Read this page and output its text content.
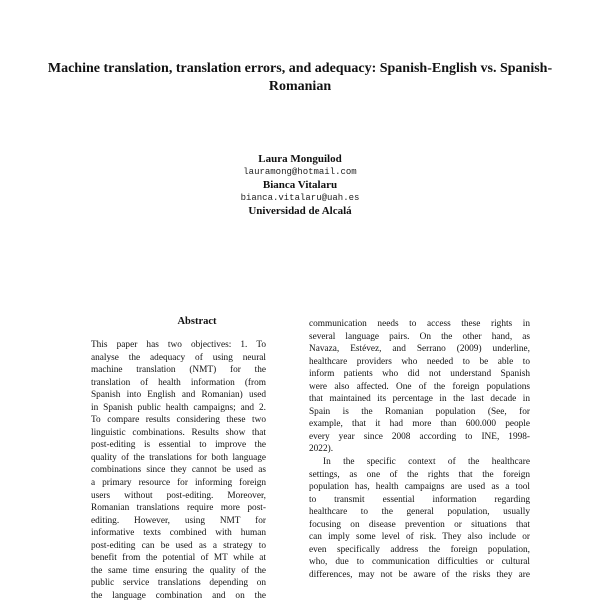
Machine translation, translation errors, and adequacy: Spanish-English vs. Spanish-
Romanian
Laura Monguilod
lauramong@hotmail.com
Bianca Vitalaru
bianca.vitalaru@uah.es
Universidad de Alcalá
Abstract
This paper has two objectives: 1. To
analyse the adequacy of using neural
machine translation (NMT) for the
translation of health information (from
Spanish into English and Romanian) used
in Spanish public health campaigns; and 2.
To compare results considering these two
linguistic combinations. Results show that
post-editing is essential to improve the
quality of the translations for both language
combinations since they cannot be used as
a primary resource for informing foreign
users without post-editing. Moreover,
Romanian translations require more post-
editing. However, using NMT for
informative texts combined with human
post-editing can be used as a strategy to
benefit from the potential of MT while at
the same time ensuring the quality of the
public service translations depending on
the language combination and on the
communication needs to access these rights in
several language pairs. On the other hand, as
Navaza, Estévez, and Serrano (2009) underline,
healthcare providers who needed to be able to
inform patients who did not understand Spanish
were also affected. One of the foreign populations
that maintained its percentage in the last decade in
Spain is the Romanian population (See, for
example, that it had more than 600.000 people
every year since 2008 according to INE, 1998-
2022).
In the specific context of the healthcare
settings, as one of the rights that the foreign
population has, health campaigns are used as a tool
to transmit essential information regarding
healthcare to the general population, usually
focusing on disease prevention or situations that
can imply some level of risk. They also include or
even specifically address the foreign population,
who, due to communication difficulties or cultural
differences, may not be aware of the risks they are
